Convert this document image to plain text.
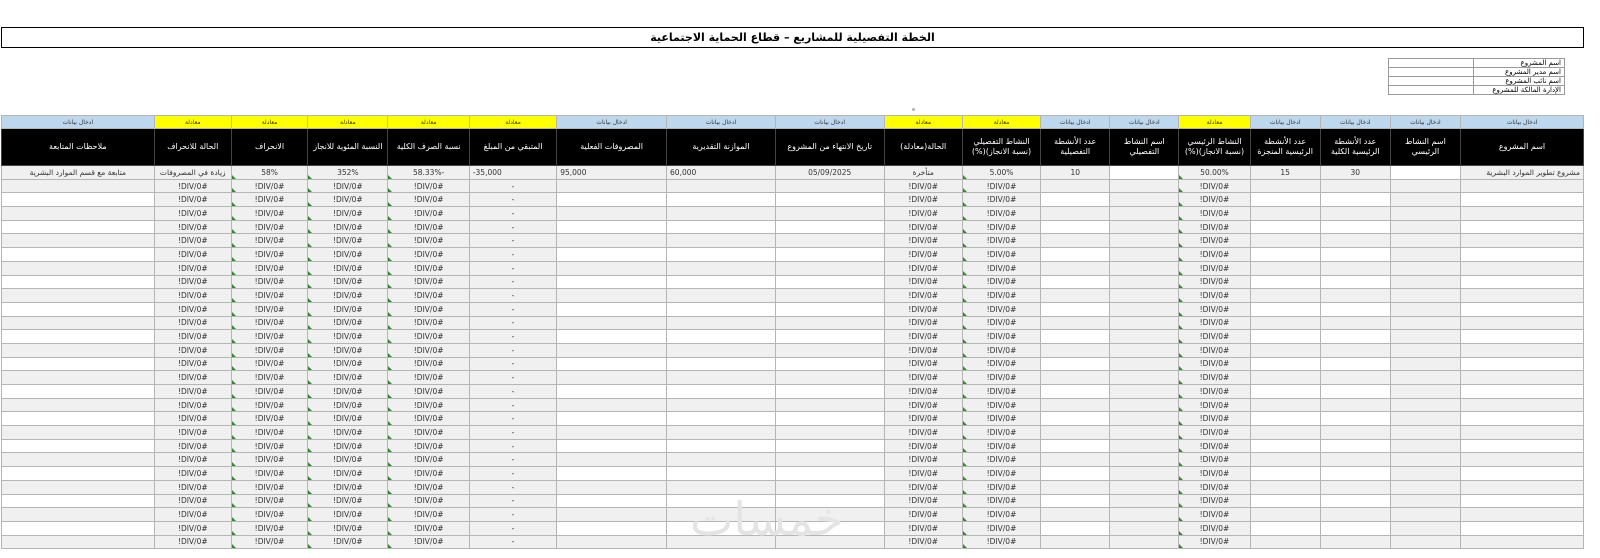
الخطة التفصيلية للمشاريع – قطاع الحماية الاجتماعية
اسم المشروع	
اسم مدير المشروع	
اسم نائب المشروع	
الإدارة المالكة للمشروع	
ادخال بيانات	ادخال بيانات	ادخال بيانات	ادخال بيانات	معادلة	ادخال بيانات	ادخال بيانات	معادلة	معادلة	ادخال بيانات	ادخال بيانات	ادخال بيانات	معادلة	معادلة	معادلة	معادلة	معادلة	ادخال بيانات
اسم المشروع	اسم النشاط الرئيسي	عدد الأنشطة الرئيسية الكلية	عدد الأنشطة الرئيسية المنجزة	النشاط الرئيسي (نسبة الانجاز)(%)	اسم النشاط التفصيلي	عدد الأنشطة التفصيلية	النشاط التفصيلي (نسبة الانجاز)(%)	الحالة(معادلة)	تاريخ الانتهاء من المشروع	الموازنة التقديرية	المصروفات الفعلية	المتبقي من المبلغ	نسبة الصرف الكلية	النسبة المئوية للانجاز	الانحراف	الحالة للانحراف	ملاحظات المتابعة
مشروع تطوير الموارد البشرية		30	15	50.00%		10	5.00%	متأخرة	05/09/2025	60,000	95,000	35,000-	-58.33%	352%	58%	زيادة في المصروفات	متابعة مع قسم الموارد البشرية
				#DIV/0!			#DIV/0!	#DIV/0!				-	#DIV/0!	#DIV/0!	#DIV/0!	#DIV/0!	
				#DIV/0!			#DIV/0!	#DIV/0!				-	#DIV/0!	#DIV/0!	#DIV/0!	#DIV/0!	
				#DIV/0!			#DIV/0!	#DIV/0!				-	#DIV/0!	#DIV/0!	#DIV/0!	#DIV/0!	
				#DIV/0!			#DIV/0!	#DIV/0!				-	#DIV/0!	#DIV/0!	#DIV/0!	#DIV/0!	
				#DIV/0!			#DIV/0!	#DIV/0!				-	#DIV/0!	#DIV/0!	#DIV/0!	#DIV/0!	
				#DIV/0!			#DIV/0!	#DIV/0!				-	#DIV/0!	#DIV/0!	#DIV/0!	#DIV/0!	
				#DIV/0!			#DIV/0!	#DIV/0!				-	#DIV/0!	#DIV/0!	#DIV/0!	#DIV/0!	
				#DIV/0!			#DIV/0!	#DIV/0!				-	#DIV/0!	#DIV/0!	#DIV/0!	#DIV/0!	
				#DIV/0!			#DIV/0!	#DIV/0!				-	#DIV/0!	#DIV/0!	#DIV/0!	#DIV/0!	
				#DIV/0!			#DIV/0!	#DIV/0!				-	#DIV/0!	#DIV/0!	#DIV/0!	#DIV/0!	
				#DIV/0!			#DIV/0!	#DIV/0!				-	#DIV/0!	#DIV/0!	#DIV/0!	#DIV/0!	
				#DIV/0!			#DIV/0!	#DIV/0!				-	#DIV/0!	#DIV/0!	#DIV/0!	#DIV/0!	
				#DIV/0!			#DIV/0!	#DIV/0!				-	#DIV/0!	#DIV/0!	#DIV/0!	#DIV/0!	
				#DIV/0!			#DIV/0!	#DIV/0!				-	#DIV/0!	#DIV/0!	#DIV/0!	#DIV/0!	
				#DIV/0!			#DIV/0!	#DIV/0!				-	#DIV/0!	#DIV/0!	#DIV/0!	#DIV/0!	
				#DIV/0!			#DIV/0!	#DIV/0!				-	#DIV/0!	#DIV/0!	#DIV/0!	#DIV/0!	
				#DIV/0!			#DIV/0!	#DIV/0!				-	#DIV/0!	#DIV/0!	#DIV/0!	#DIV/0!	
				#DIV/0!			#DIV/0!	#DIV/0!				-	#DIV/0!	#DIV/0!	#DIV/0!	#DIV/0!	
				#DIV/0!			#DIV/0!	#DIV/0!				-	#DIV/0!	#DIV/0!	#DIV/0!	#DIV/0!	
				#DIV/0!			#DIV/0!	#DIV/0!				-	#DIV/0!	#DIV/0!	#DIV/0!	#DIV/0!	
				#DIV/0!			#DIV/0!	#DIV/0!				-	#DIV/0!	#DIV/0!	#DIV/0!	#DIV/0!	
				#DIV/0!			#DIV/0!	#DIV/0!				-	#DIV/0!	#DIV/0!	#DIV/0!	#DIV/0!	
				#DIV/0!			#DIV/0!	#DIV/0!				-	#DIV/0!	#DIV/0!	#DIV/0!	#DIV/0!	
				#DIV/0!			#DIV/0!	#DIV/0!				-	#DIV/0!	#DIV/0!	#DIV/0!	#DIV/0!	
				#DIV/0!			#DIV/0!	#DIV/0!				-	#DIV/0!	#DIV/0!	#DIV/0!	#DIV/0!	
				#DIV/0!			#DIV/0!	#DIV/0!				-	#DIV/0!	#DIV/0!	#DIV/0!	#DIV/0!	
				#DIV/0!			#DIV/0!	#DIV/0!				-	#DIV/0!	#DIV/0!	#DIV/0!	#DIV/0!		خمسات
